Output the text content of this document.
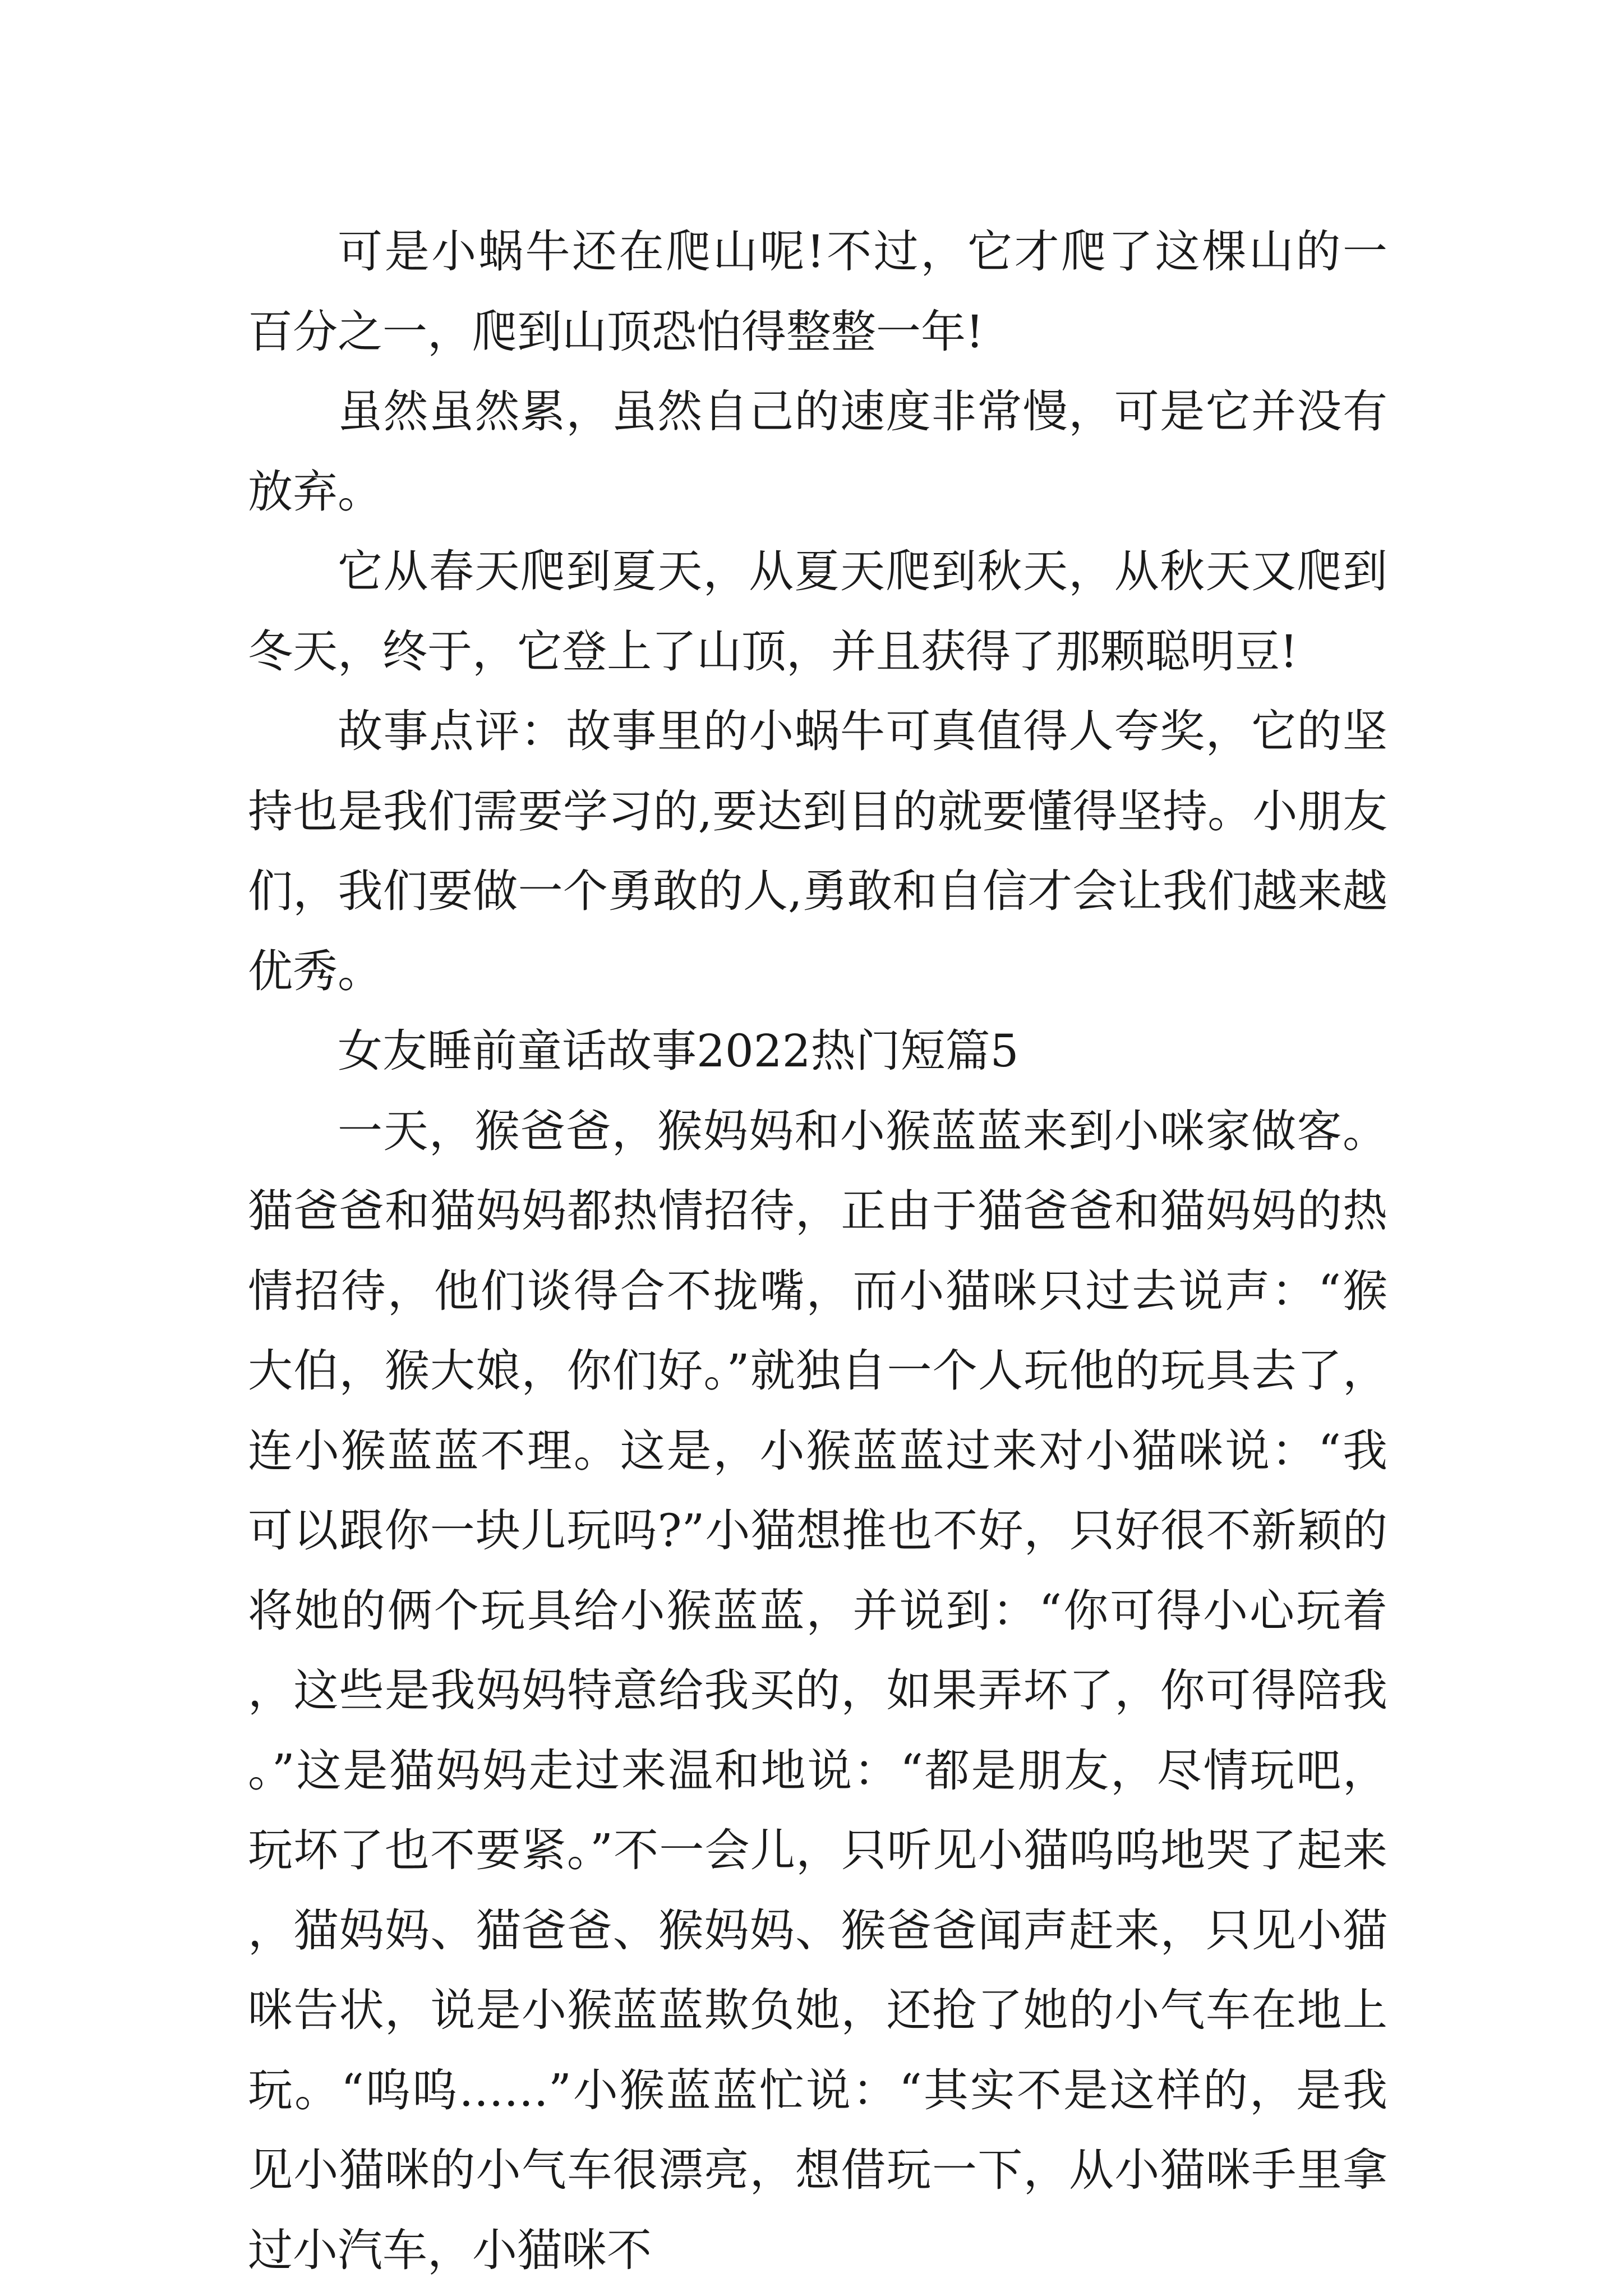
可是小蜗牛还在爬山呢!不过，它才爬了这棵山的一百分之一，爬到山顶恐怕得整整一年!

虽然虽然累，虽然自己的速度非常慢，可是它并没有放弃。

它从春天爬到夏天，从夏天爬到秋天，从秋天又爬到冬天，终于，它登上了山顶，并且获得了那颗聪明豆!

故事点评：故事里的小蜗牛可真值得人夸奖，它的坚持也是我们需要学习的,要达到目的就要懂得坚持。小朋友们，我们要做一个勇敢的人,勇敢和自信才会让我们越来越优秀。

女友睡前童话故事2022热门短篇5

一天，猴爸爸，猴妈妈和小猴蓝蓝来到小咪家做客。猫爸爸和猫妈妈都热情招待，正由于猫爸爸和猫妈妈的热情招待，他们谈得合不拢嘴，而小猫咪只过去说声：“猴大伯，猴大娘，你们好。”就独自一个人玩他的玩具去了，连小猴蓝蓝不理。这是，小猴蓝蓝过来对小猫咪说：“我可以跟你一块儿玩吗?”小猫想推也不好，只好很不新颖的将她的俩个玩具给小猴蓝蓝，并说到：“你可得小心玩着，这些是我妈妈特意给我买的，如果弄坏了，你可得陪我。”这是猫妈妈走过来温和地说：“都是朋友，尽情玩吧，玩坏了也不要紧。”不一会儿，只听见小猫呜呜地哭了起来，猫妈妈、猫爸爸、猴妈妈、猴爸爸闻声赶来，只见小猫咪告状，说是小猴蓝蓝欺负她，还抢了她的小气车在地上玩。“呜呜……”小猴蓝蓝忙说：“其实不是这样的，是我见小猫咪的小气车很漂亮，想借玩一下，从小猫咪手里拿过小汽车，小猫咪不
